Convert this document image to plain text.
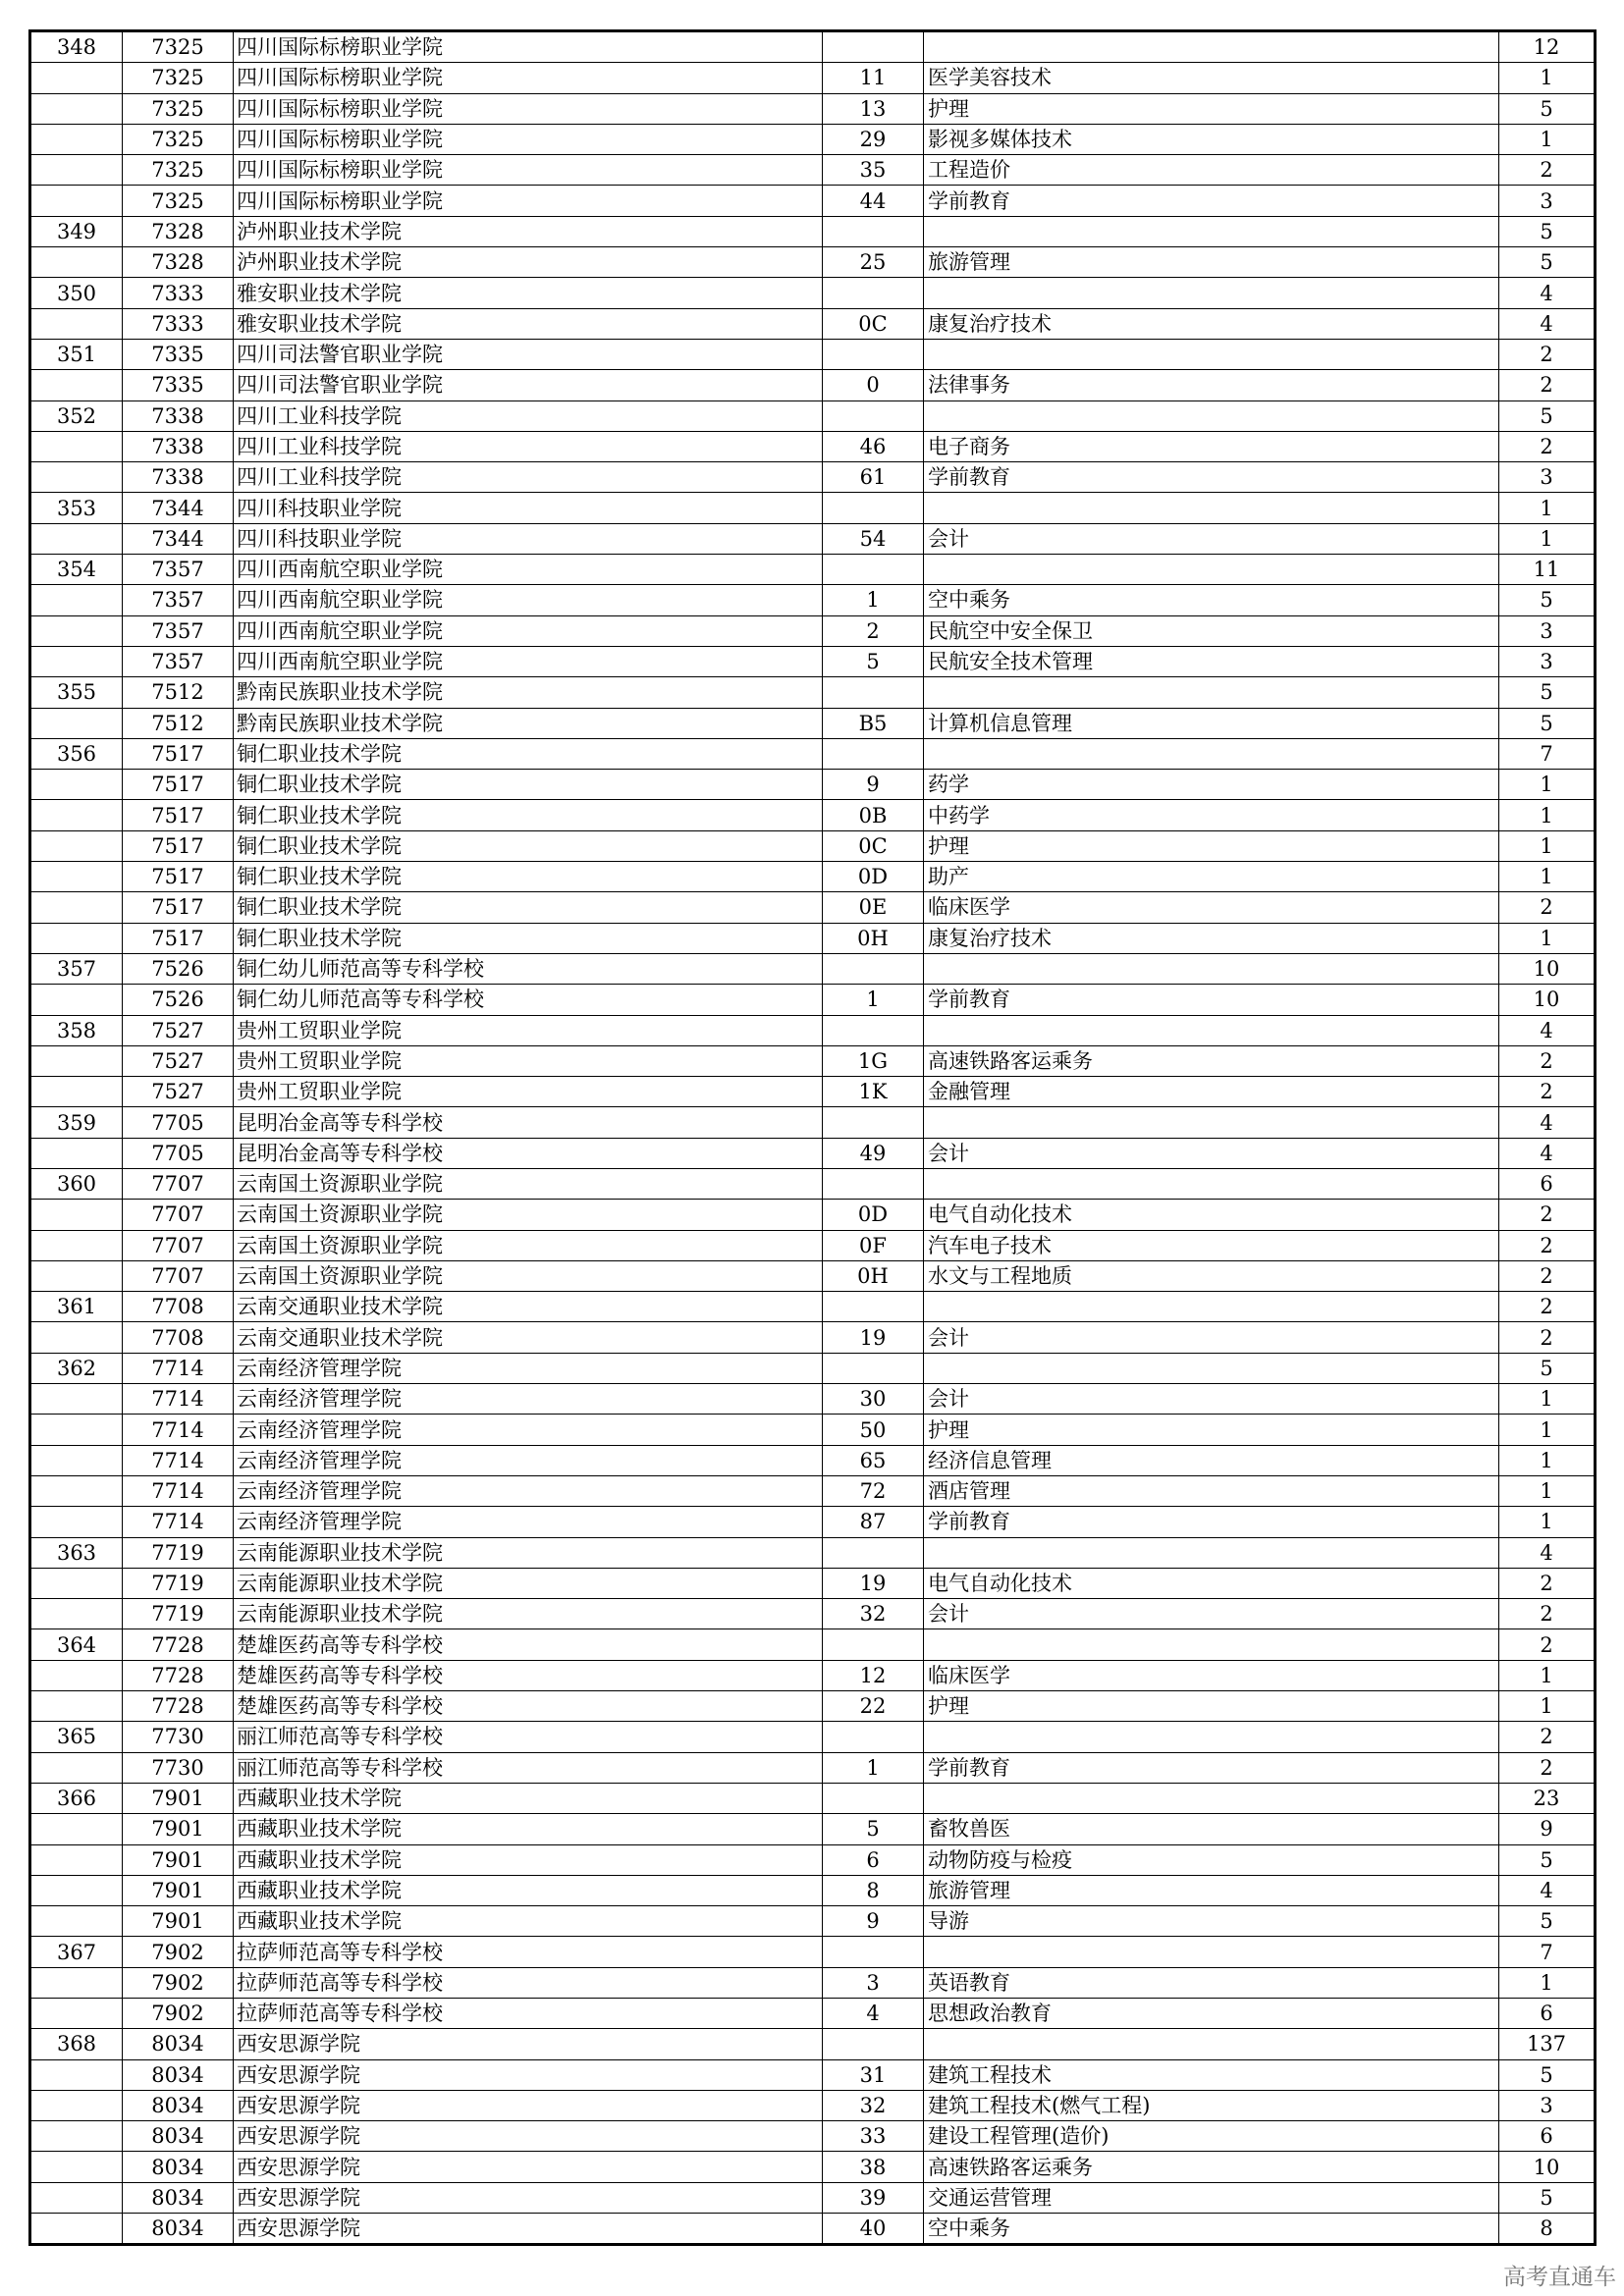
348	7325	四川国际标榜职业学院			12
	7325	四川国际标榜职业学院	11	医学美容技术	1
	7325	四川国际标榜职业学院	13	护理	5
	7325	四川国际标榜职业学院	29	影视多媒体技术	1
	7325	四川国际标榜职业学院	35	工程造价	2
	7325	四川国际标榜职业学院	44	学前教育	3
349	7328	泸州职业技术学院			5
	7328	泸州职业技术学院	25	旅游管理	5
350	7333	雅安职业技术学院			4
	7333	雅安职业技术学院	0C	康复治疗技术	4
351	7335	四川司法警官职业学院			2
	7335	四川司法警官职业学院	0	法律事务	2
352	7338	四川工业科技学院			5
	7338	四川工业科技学院	46	电子商务	2
	7338	四川工业科技学院	61	学前教育	3
353	7344	四川科技职业学院			1
	7344	四川科技职业学院	54	会计	1
354	7357	四川西南航空职业学院			11
	7357	四川西南航空职业学院	1	空中乘务	5
	7357	四川西南航空职业学院	2	民航空中安全保卫	3
	7357	四川西南航空职业学院	5	民航安全技术管理	3
355	7512	黔南民族职业技术学院			5
	7512	黔南民族职业技术学院	B5	计算机信息管理	5
356	7517	铜仁职业技术学院			7
	7517	铜仁职业技术学院	9	药学	1
	7517	铜仁职业技术学院	0B	中药学	1
	7517	铜仁职业技术学院	0C	护理	1
	7517	铜仁职业技术学院	0D	助产	1
	7517	铜仁职业技术学院	0E	临床医学	2
	7517	铜仁职业技术学院	0H	康复治疗技术	1
357	7526	铜仁幼儿师范高等专科学校			10
	7526	铜仁幼儿师范高等专科学校	1	学前教育	10
358	7527	贵州工贸职业学院			4
	7527	贵州工贸职业学院	1G	高速铁路客运乘务	2
	7527	贵州工贸职业学院	1K	金融管理	2
359	7705	昆明冶金高等专科学校			4
	7705	昆明冶金高等专科学校	49	会计	4
360	7707	云南国土资源职业学院			6
	7707	云南国土资源职业学院	0D	电气自动化技术	2
	7707	云南国土资源职业学院	0F	汽车电子技术	2
	7707	云南国土资源职业学院	0H	水文与工程地质	2
361	7708	云南交通职业技术学院			2
	7708	云南交通职业技术学院	19	会计	2
362	7714	云南经济管理学院			5
	7714	云南经济管理学院	30	会计	1
	7714	云南经济管理学院	50	护理	1
	7714	云南经济管理学院	65	经济信息管理	1
	7714	云南经济管理学院	72	酒店管理	1
	7714	云南经济管理学院	87	学前教育	1
363	7719	云南能源职业技术学院			4
	7719	云南能源职业技术学院	19	电气自动化技术	2
	7719	云南能源职业技术学院	32	会计	2
364	7728	楚雄医药高等专科学校			2
	7728	楚雄医药高等专科学校	12	临床医学	1
	7728	楚雄医药高等专科学校	22	护理	1
365	7730	丽江师范高等专科学校			2
	7730	丽江师范高等专科学校	1	学前教育	2
366	7901	西藏职业技术学院			23
	7901	西藏职业技术学院	5	畜牧兽医	9
	7901	西藏职业技术学院	6	动物防疫与检疫	5
	7901	西藏职业技术学院	8	旅游管理	4
	7901	西藏职业技术学院	9	导游	5
367	7902	拉萨师范高等专科学校			7
	7902	拉萨师范高等专科学校	3	英语教育	1
	7902	拉萨师范高等专科学校	4	思想政治教育	6
368	8034	西安思源学院			137
	8034	西安思源学院	31	建筑工程技术	5
	8034	西安思源学院	32	建筑工程技术(燃气工程)	3
	8034	西安思源学院	33	建设工程管理(造价)	6
	8034	西安思源学院	38	高速铁路客运乘务	10
	8034	西安思源学院	39	交通运营管理	5
	8034	西安思源学院	40	空中乘务	8
高考直通车
